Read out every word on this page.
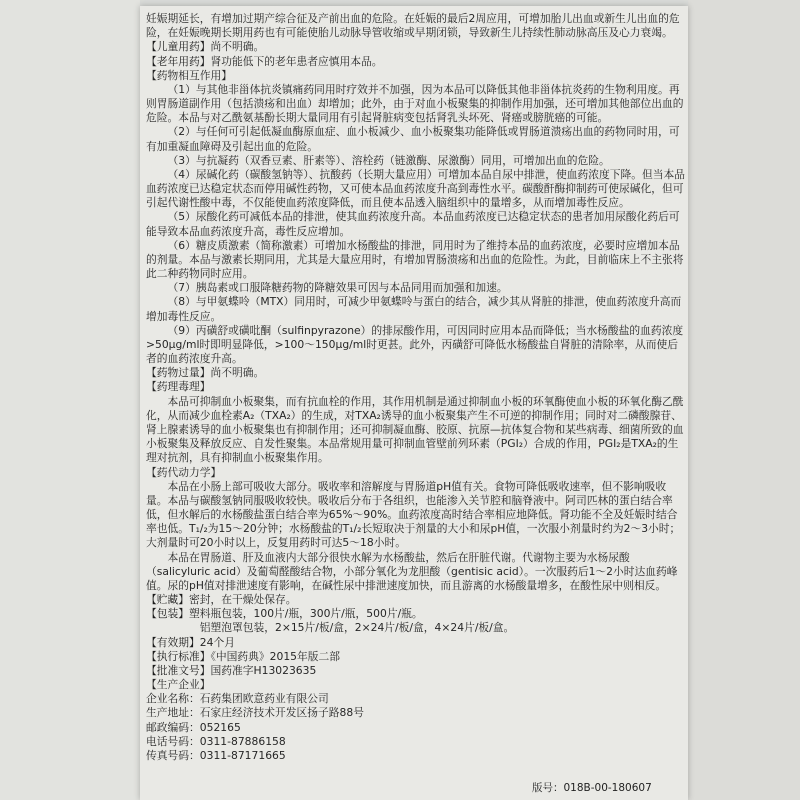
妊娠期延长，有增加过期产综合征及产前出血的危险。在妊娠的最后2周应用，可增加胎儿出血或新生儿出血的危险，在妊娠晚期长期用药也有可能使胎儿动脉导管收缩或早期闭锁，导致新生儿持续性肺动脉高压及心力衰竭。

【儿童用药】尚不明确。

【老年用药】肾功能低下的老年患者应慎用本品。

【药物相互作用】

（1）与其他非甾体抗炎镇痛药同用时疗效并不加强，因为本品可以降低其他非甾体抗炎药的生物利用度。再则胃肠道副作用（包括溃疡和出血）却增加；此外，由于对血小板聚集的抑制作用加强，还可增加其他部位出血的危险。本品与对乙酰氨基酚长期大量同用有引起肾脏病变包括肾乳头坏死、肾癌或膀胱癌的可能。

（2）与任何可引起低凝血酶原血症、血小板减少、血小板聚集功能降低或胃肠道溃疡出血的药物同时用，可有加重凝血障碍及引起出血的危险。

（3）与抗凝药（双香豆素、肝素等）、溶栓药（链激酶、尿激酶）同用，可增加出血的危险。

（4）尿碱化药（碳酸氢钠等）、抗酸药（长期大量应用）可增加本品自尿中排泄，使血药浓度下降。但当本品血药浓度已达稳定状态而停用碱性药物，又可使本品血药浓度升高到毒性水平。碳酸酐酶抑制药可使尿碱化，但可引起代谢性酸中毒，不仅能使血药浓度降低，而且使本品透入脑组织中的量增多，从而增加毒性反应。

（5）尿酸化药可减低本品的排泄，使其血药浓度升高。本品血药浓度已达稳定状态的患者加用尿酸化药后可能导致本品血药浓度升高，毒性反应增加。

（6）糖皮质激素（简称激素）可增加水杨酸盐的排泄，同用时为了维持本品的血药浓度，必要时应增加本品的剂量。本品与激素长期同用，尤其是大量应用时，有增加胃肠溃疡和出血的危险性。为此，目前临床上不主张将此二种药物同时应用。

（7）胰岛素或口服降糖药物的降糖效果可因与本品同用而加强和加速。

（8）与甲氨蝶呤（MTX）同用时，可减少甲氨蝶呤与蛋白的结合，减少其从肾脏的排泄，使血药浓度升高而增加毒性反应。

（9）丙磺舒或磺吡酮（sulfinpyrazone）的排尿酸作用，可因同时应用本品而降低；当水杨酸盐的血药浓度>50μg/ml时即明显降低，>100～150μg/ml时更甚。此外，丙磺舒可降低水杨酸盐自肾脏的清除率，从而使后者的血药浓度升高。

【药物过量】尚不明确。

【药理毒理】

本品可抑制血小板聚集，而有抗血栓的作用，其作用机制是通过抑制血小板的环氧酶使血小板的环氧化酶乙酰化，从而减少血栓素A₂（TXA₂）的生成，对TXA₂诱导的血小板聚集产生不可逆的抑制作用；同时对二磷酸腺苷、肾上腺素诱导的血小板聚集也有抑制作用；还可抑制凝血酶、胶原、抗原—抗体复合物和某些病毒、细菌所致的血小板聚集及释放反应、自发性聚集。本品常规用量可抑制血管壁前列环素（PGI₂）合成的作用，PGI₂是TXA₂的生理对抗剂，具有抑制血小板聚集作用。

【药代动力学】

本品在小肠上部可吸收大部分。吸收率和溶解度与胃肠道pH值有关。食物可降低吸收速率，但不影响吸收量。本品与碳酸氢钠同服吸收较快。吸收后分布于各组织，也能渗入关节腔和脑脊液中。阿司匹林的蛋白结合率低，但水解后的水杨酸盐蛋白结合率为65%～90%。血药浓度高时结合率相应地降低。肾功能不全及妊娠时结合率也低。T₁/₂为15～20分钟；水杨酸盐的T₁/₂长短取决于剂量的大小和尿pH值，一次服小剂量时约为2～3小时；大剂量时可20小时以上，反复用药时可达5～18小时。

本品在胃肠道、肝及血液内大部分很快水解为水杨酸盐，然后在肝脏代谢。代谢物主要为水杨尿酸（salicyluric acid）及葡萄醛酸结合物，小部分氧化为龙胆酸（gentisic acid）。一次服药后1～2小时达血药峰值。尿的pH值对排泄速度有影响，在碱性尿中排泄速度加快，而且游离的水杨酸量增多，在酸性尿中则相反。

【贮藏】密封，在干燥处保存。

【包装】塑料瓶包装，100片/瓶，300片/瓶，500片/瓶。

铝塑泡罩包装，2×15片/板/盒，2×24片/板/盒，4×24片/板/盒。

【有效期】24个月

【执行标准】《中国药典》2015年版二部

【批准文号】国药准字H13023635

【生产企业】

企业名称：石药集团欧意药业有限公司

生产地址：石家庄经济技术开发区扬子路88号

邮政编码：052165

电话号码：0311-87886158

传真号码：0311-87171665

版号：018B-00-180607
